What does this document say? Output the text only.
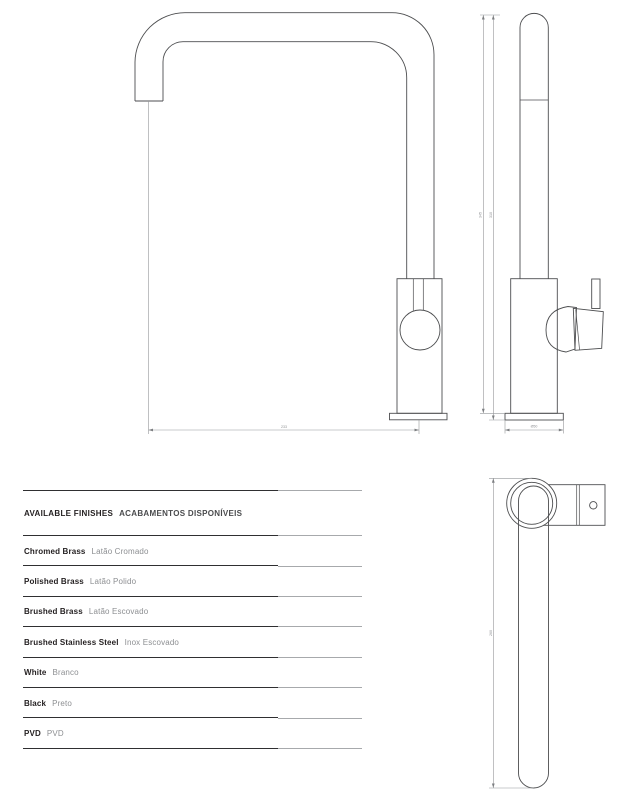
233
345 310
Ø50
260
AVAILABLE FINISHES ACABAMENTOS DISPONÍVEIS
Chromed Brass Latão Cromado
Polished Brass Latão Polido
Brushed Brass Latão Escovado
Brushed Stainless Steel Inox Escovado
White Branco
Black Preto
PVD PVD
